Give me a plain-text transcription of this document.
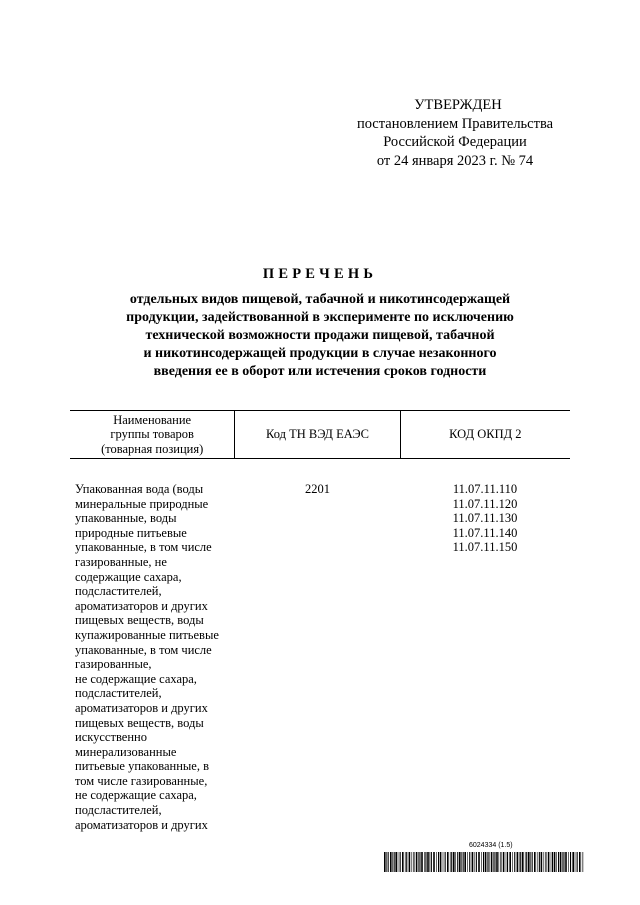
УТВЕРЖДЕН
постановлением Правительства
Российской Федерации
от 24 января 2023 г. № 74
ПЕРЕЧЕНЬ
отдельных видов пищевой, табачной и никотинсодержащей
продукции, задействованной в эксперименте по исключению
технической возможности продажи пищевой, табачной
и никотинсодержащей продукции в случае незаконного
введения ее в оборот или истечения сроков годности
Наименование
группы товаров
(товарная позиция)
Код ТН ВЭД ЕАЭС	КОД ОКПД 2
Упакованная вода (воды
минеральные природные
упакованные, воды
природные питьевые
упакованные, в том числе
газированные, не
содержащие сахара,
подсластителей,
ароматизаторов и других
пищевых веществ, воды
купажированные питьевые
упакованные, в том числе
газированные,
не содержащие сахара,
подсластителей,
ароматизаторов и других
пищевых веществ, воды
искусственно
минерализованные
питьевые упакованные, в
том числе газированные,
не содержащие сахара,
подсластителей,
ароматизаторов и других
2201	11.07.11.110
11.07.11.120
11.07.11.130
11.07.11.140
11.07.11.150
6024334 (1.5)
